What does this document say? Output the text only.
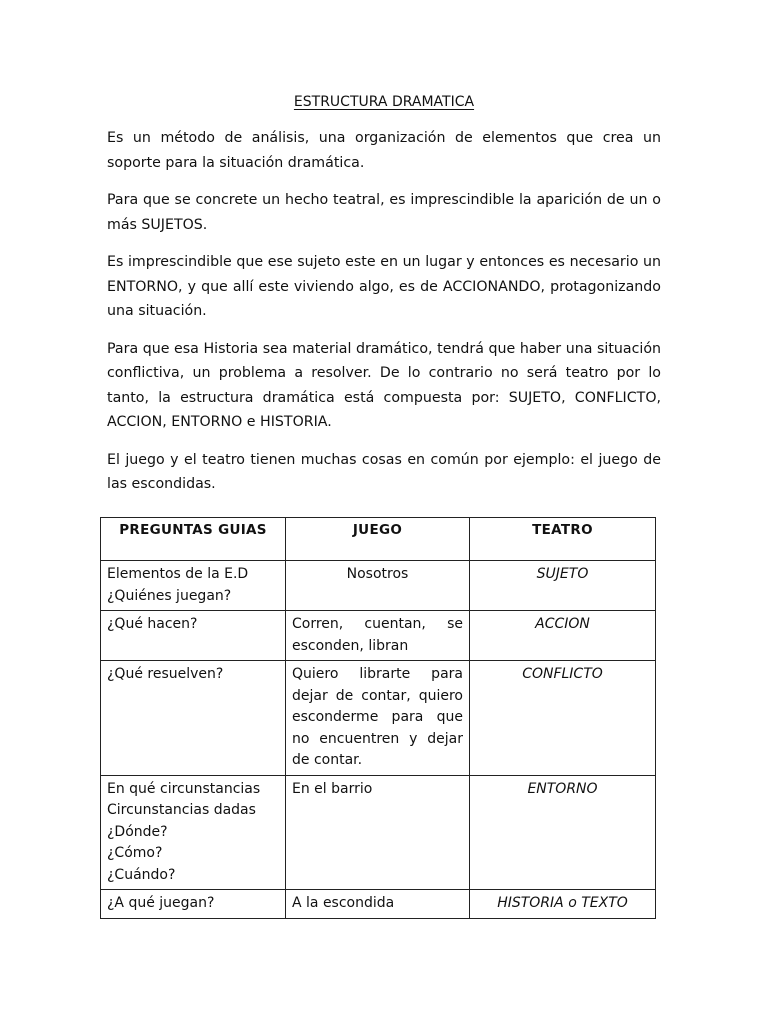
ESTRUCTURA DRAMATICA

Es un método de análisis, una organización de elementos que crea un soporte para la situación dramática.

Para que se concrete un hecho teatral, es imprescindible la aparición de un o más SUJETOS.

Es imprescindible que ese sujeto este en un lugar y entonces es necesario un ENTORNO, y que allí este viviendo algo, es de ACCIONANDO, protagonizando una situación.

Para que esa Historia sea material dramático, tendrá que haber una situación conflictiva, un problema a resolver. De lo contrario no será teatro por lo tanto, la estructura dramática está compuesta por: SUJETO, CONFLICTO, ACCION, ENTORNO e HISTORIA.

El juego y el teatro tienen muchas cosas en común por ejemplo: el juego de las escondidas.

PREGUNTAS GUIAS	JUEGO	TEATRO

Elementos de la E.D
¿Quiénes juegan?	Nosotros	SUJETO

¿Qué hacen?	Corren, cuentan, se esconden, libran	ACCION

¿Qué resuelven?	Quiero librarte para dejar de contar, quiero esconderme para que no encuentren y dejar de contar.	CONFLICTO

En qué circunstancias
Circunstancias dadas
¿Dónde?
¿Cómo?
¿Cuándo?	En el barrio	ENTORNO

¿A qué juegan?	A la escondida	HISTORIA o TEXTO
